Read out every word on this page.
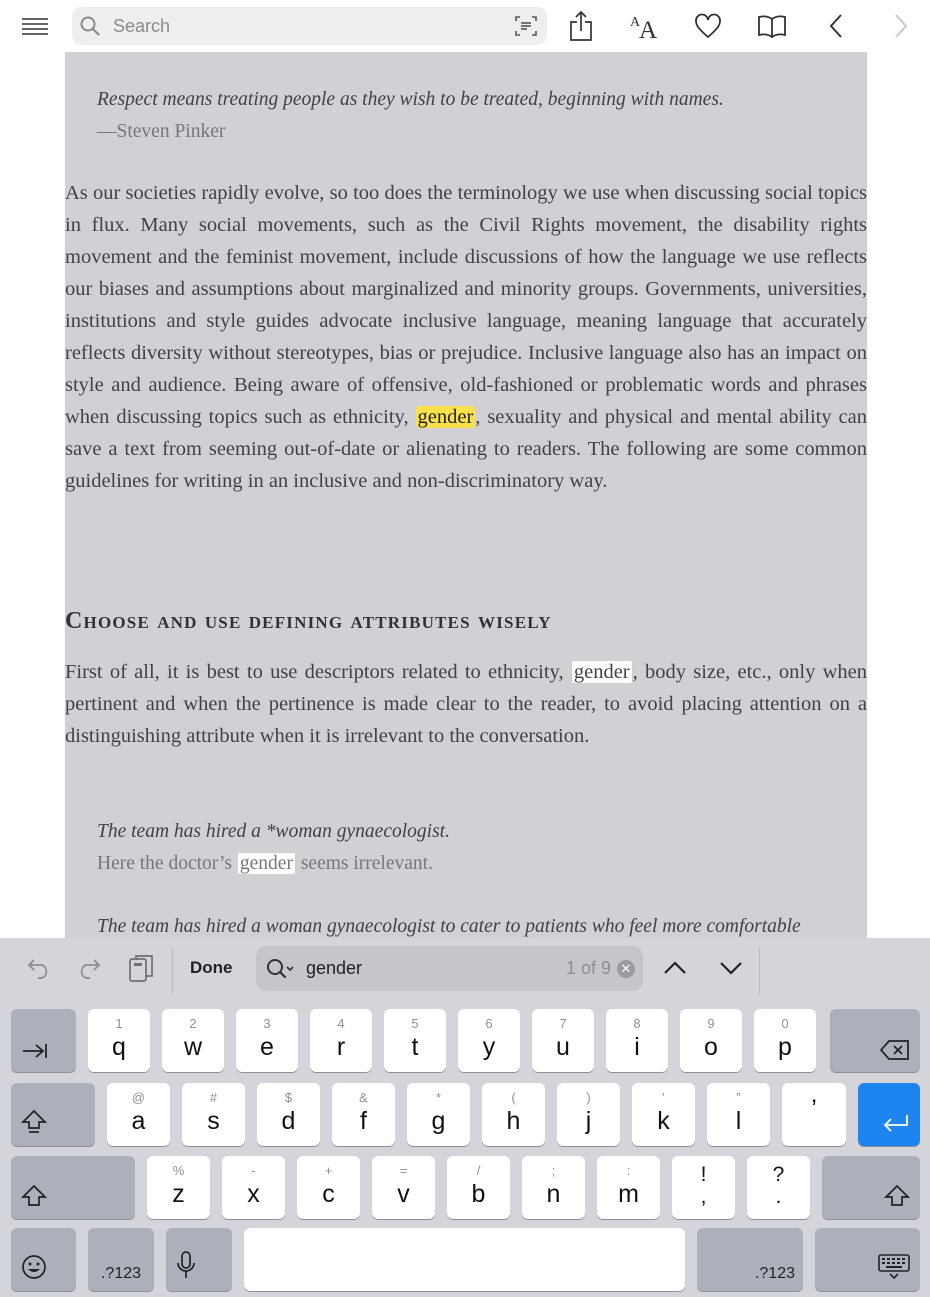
Search	A
A
Respect means treating people as they wish to be treated, beginning with names.
—Steven Pinker

As our societies rapidly evolve, so too does the terminology we use when discussing social topics in flux. Many social movements, such as the Civil Rights movement, the disability rights movement and the feminist movement, include discussions of how the language we use reflects our biases and assumptions about marginalized and minority groups. Governments, universities, institutions and style guides advocate inclusive language, meaning language that accurately reflects diversity without stereotypes, bias or prejudice. Inclusive language also has an impact on style and audience. Being aware of offensive, old-fashioned or problematic words and phrases when discussing topics such as ethnicity, gender, sexuality and physical and mental ability can save a text from seeming out-of-date or alienating to readers. The following are some common guidelines for writing in an inclusive and non-discriminatory way.

Choose and use defining attributes wisely

First of all, it is best to use descriptors related to ethnicity, gender , body size, etc., only when pertinent and when the pertinence is made clear to the reader, to avoid placing attention on a distinguishing attribute when it is irrelevant to the conversation.

The team has hired a *woman gynaecologist.
Here the doctor’s gender seems irrelevant.
The team has hired a woman gynaecologist to cater to patients who feel more comfortable
Done	gender	1 of 9 ✕
1
q
2
w
3
e
4
r
5
t
6
y
7
u
8
i
9
o
0
p
@
a
#
s
$
d
&
f
*
g
(
h
)
j
’
k
”
l	’
%
z
-
x
+
c
=
v
/
b
;
n
:
m
!
,
?
.
.?123	.?123
